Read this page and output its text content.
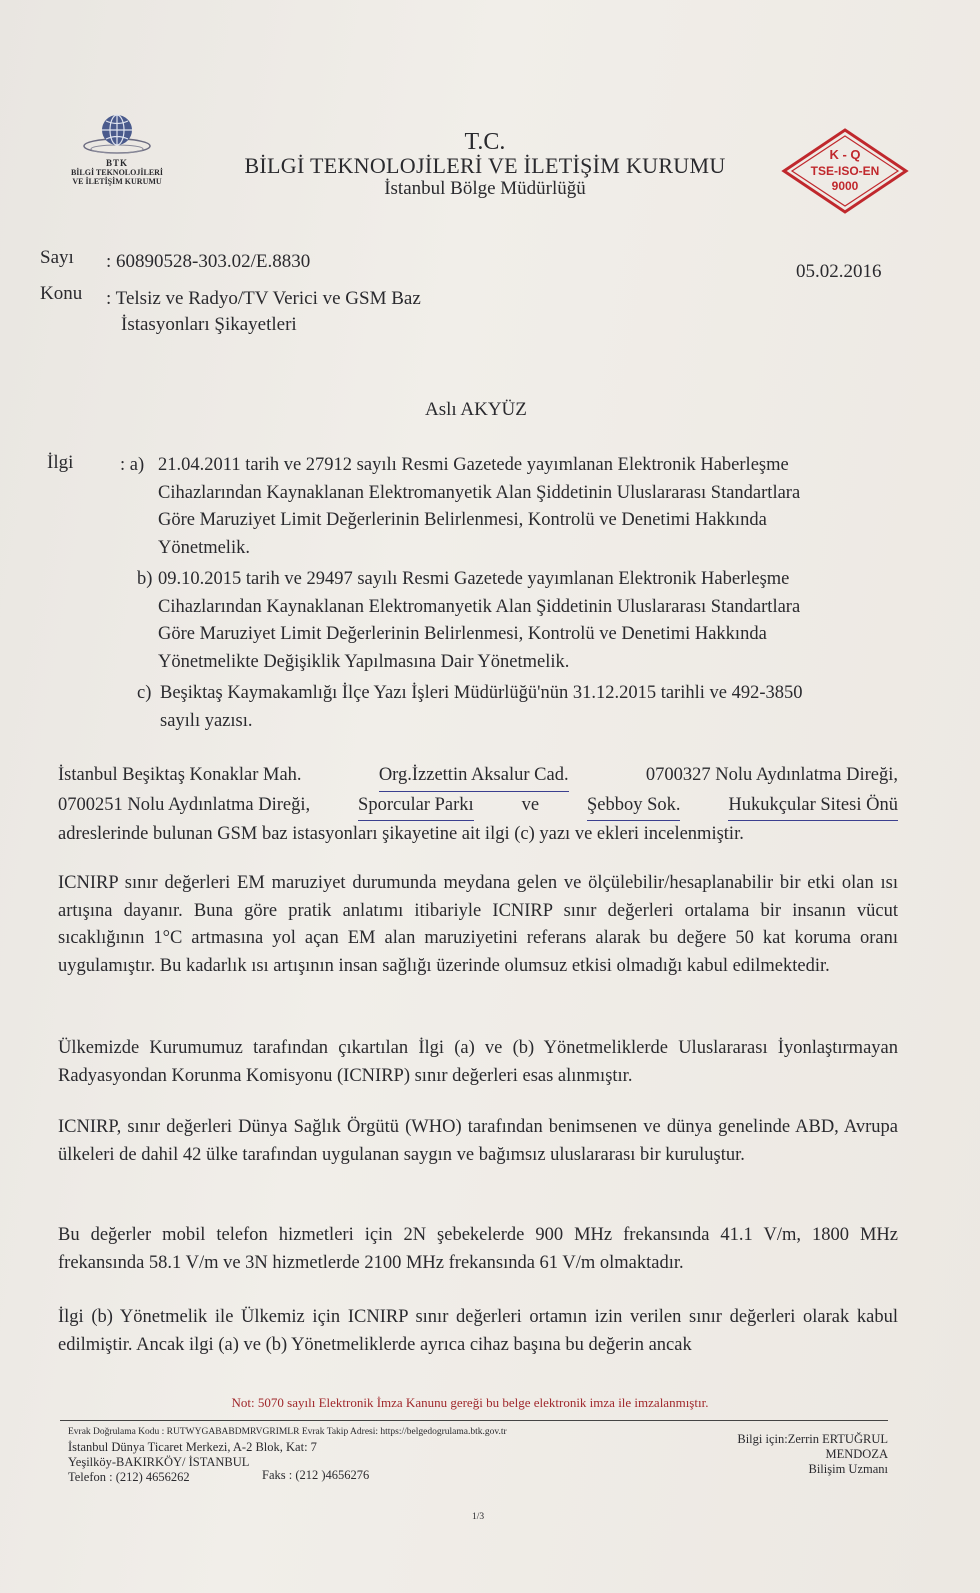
BTK
BİLGİ TEKNOLOJİLERİ
VE İLETİŞİM KURUMU
T.C.
BİLGİ TEKNOLOJİLERİ VE İLETİŞİM KURUMU
İstanbul Bölge Müdürlüğü
K - Q
TSE-ISO-EN
9000
Sayı : 60890528-303.02/E.8830	05.02.2016
Konu : Telsiz ve Radyo/TV Verici ve GSM Baz
İstasyonları Şikayetleri
Aslı AKYÜZ
İlgi	: a) 21.04.2011 tarih ve 27912 sayılı Resmi Gazetede yayımlanan Elektronik Haberleşme
Cihazlarından Kaynaklanan Elektromanyetik Alan Şiddetinin Uluslararası Standartlara
Göre Maruziyet Limit Değerlerinin Belirlenmesi, Kontrolü ve Denetimi Hakkında
Yönetmelik.
b) 09.10.2015 tarih ve 29497 sayılı Resmi Gazetede yayımlanan Elektronik Haberleşme
Cihazlarından Kaynaklanan Elektromanyetik Alan Şiddetinin Uluslararası Standartlara
Göre Maruziyet Limit Değerlerinin Belirlenmesi, Kontrolü ve Denetimi Hakkında
Yönetmelikte Değişiklik Yapılmasına Dair Yönetmelik.
c) Beşiktaş Kaymakamlığı İlçe Yazı İşleri Müdürlüğü'nün 31.12.2015 tarihli ve 492-3850
sayılı yazısı.
İstanbul Beşiktaş Konaklar Mah.	Org.İzzettin Aksalur Cad.	0700327 Nolu Aydınlatma Direği,
0700251 Nolu Aydınlatma Direği,	Sporcular Parkı	ve	Şebboy Sok.	Hukukçular Sitesi Önü
adreslerinde bulunan GSM baz istasyonları şikayetine ait ilgi (c) yazı ve ekleri incelenmiştir.
ICNIRP sınır değerleri EM maruziyet durumunda meydana gelen ve ölçülebilir/hesaplanabilir bir etki olan ısı artışına dayanır. Buna göre pratik anlatımı itibariyle ICNIRP sınır değerleri ortalama bir insanın vücut sıcaklığının 1°C artmasına yol açan EM alan maruziyetini referans alarak bu değere 50 kat koruma oranı uygulamıştır. Bu kadarlık ısı artışının insan sağlığı üzerinde olumsuz etkisi olmadığı kabul edilmektedir.
Ülkemizde Kurumumuz tarafından çıkartılan İlgi (a) ve (b) Yönetmeliklerde Uluslararası İyonlaştırmayan Radyasyondan Korunma Komisyonu (ICNIRP) sınır değerleri esas alınmıştır.
ICNIRP, sınır değerleri Dünya Sağlık Örgütü (WHO) tarafından benimsenen ve dünya genelinde ABD, Avrupa ülkeleri de dahil 42 ülke tarafından uygulanan saygın ve bağımsız uluslararası bir kuruluştur.
Bu değerler mobil telefon hizmetleri için 2N şebekelerde 900 MHz frekansında 41.1 V/m, 1800 MHz frekansında 58.1 V/m ve 3N hizmetlerde 2100 MHz frekansında 61 V/m olmaktadır.
İlgi (b) Yönetmelik ile Ülkemiz için ICNIRP sınır değerleri ortamın izin verilen sınır değerleri olarak kabul edilmiştir. Ancak ilgi (a) ve (b) Yönetmeliklerde ayrıca cihaz başına bu değerin ancak
Not: 5070 sayılı Elektronik İmza Kanunu gereği bu belge elektronik imza ile imzalanmıştır.
Evrak Doğrulama Kodu : RUTWYGABABDMRVGRIMLR Evrak Takip Adresi: https://belgedogrulama.btk.gov.tr
İstanbul Dünya Ticaret Merkezi, A-2 Blok, Kat: 7
Yeşilköy-BAKIRKÖY/ İSTANBUL
Telefon : (212) 4656262	Faks : (212 )4656276
Bilgi için:Zerrin ERTUĞRUL
MENDOZA
Bilişim Uzmanı
1/3
